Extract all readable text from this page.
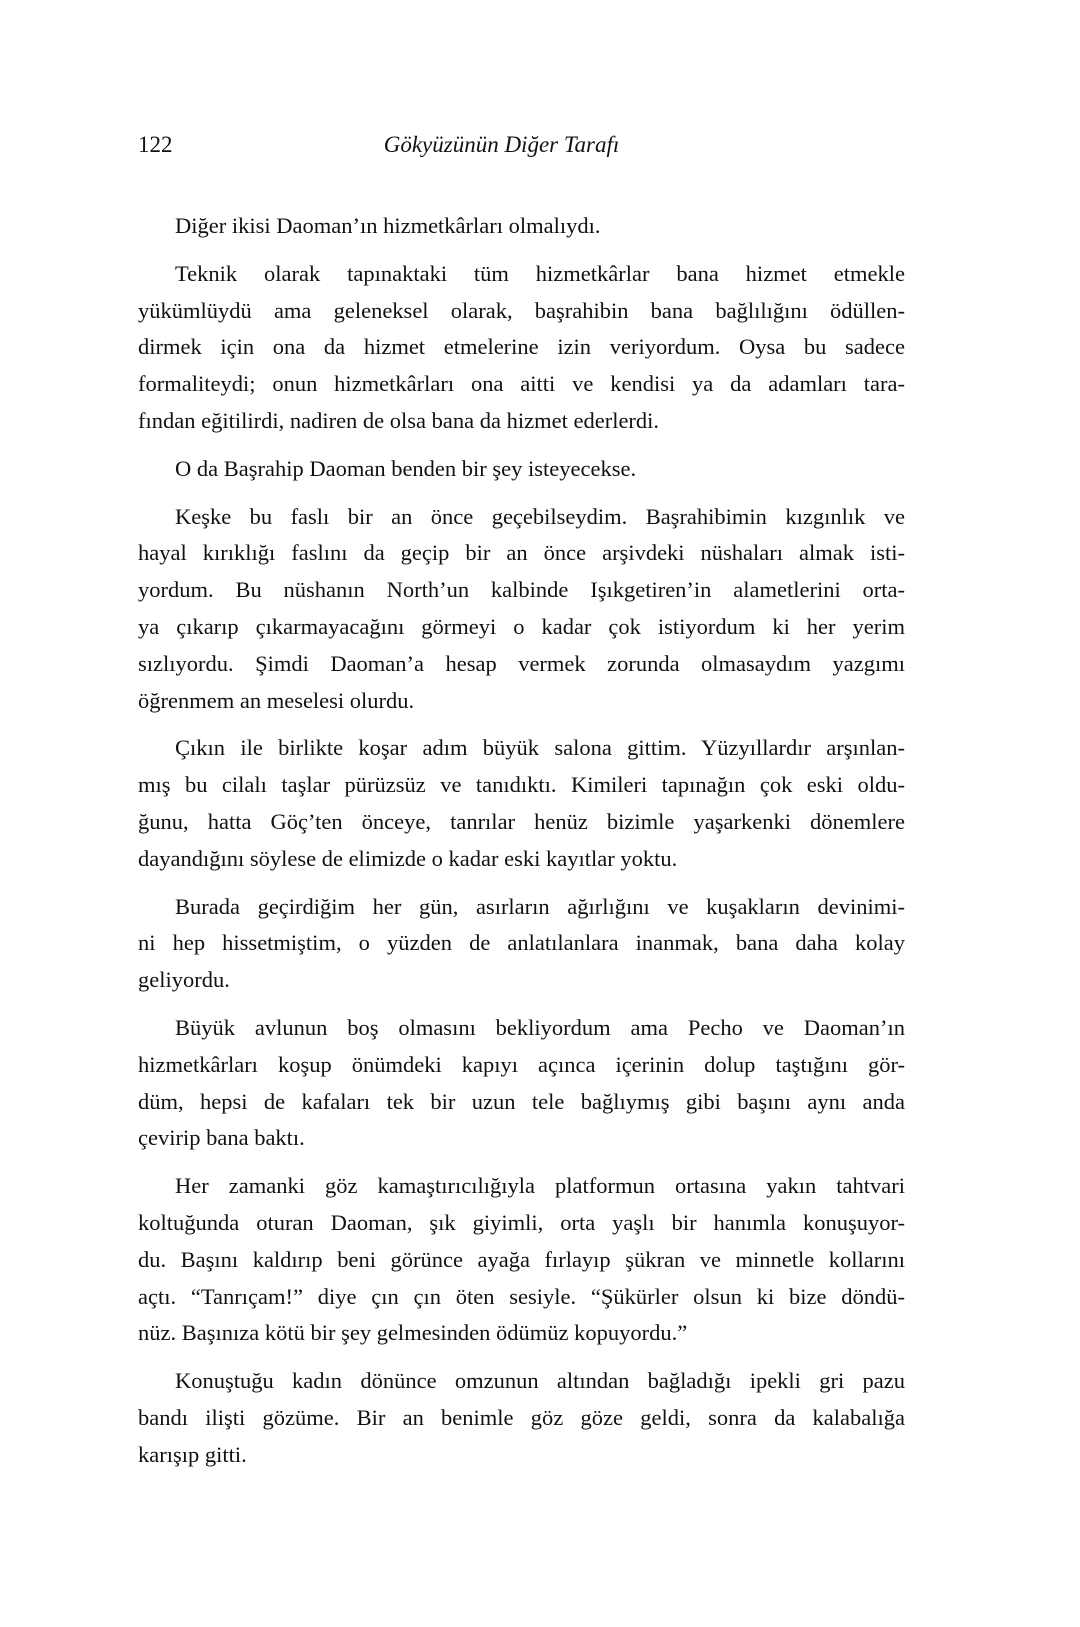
122	Gökyüzünün Diğer Tarafı
Diğer ikisi Daoman’ın hizmetkârları olmalıydı.
Teknik olarak tapınaktaki tüm hizmetkârlar bana hizmet etmekle
yükümlüydü ama geleneksel olarak, başrahibin bana bağlılığını ödüllen-
dirmek için ona da hizmet etmelerine izin veriyordum. Oysa bu sadece
formaliteydi; onun hizmetkârları ona aitti ve kendisi ya da adamları tara-
fından eğitilirdi, nadiren de olsa bana da hizmet ederlerdi.
O da Başrahip Daoman benden bir şey isteyecekse.
Keşke bu faslı bir an önce geçebilseydim. Başrahibimin kızgınlık ve
hayal kırıklığı faslını da geçip bir an önce arşivdeki nüshaları almak isti-
yordum. Bu nüshanın North’un kalbinde Işıkgetiren’in alametlerini orta-
ya çıkarıp çıkarmayacağını görmeyi o kadar çok istiyordum ki her yerim
sızlıyordu. Şimdi Daoman’a hesap vermek zorunda olmasaydım yazgımı
öğrenmem an meselesi olurdu.
Çıkın ile birlikte koşar adım büyük salona gittim. Yüzyıllardır arşınlan-
mış bu cilalı taşlar pürüzsüz ve tanıdıktı. Kimileri tapınağın çok eski oldu-
ğunu, hatta Göç’ten önceye, tanrılar henüz bizimle yaşarkenki dönemlere
dayandığını söylese de elimizde o kadar eski kayıtlar yoktu.
Burada geçirdiğim her gün, asırların ağırlığını ve kuşakların devinimi-
ni hep hissetmiştim, o yüzden de anlatılanlara inanmak, bana daha kolay
geliyordu.
Büyük avlunun boş olmasını bekliyordum ama Pecho ve Daoman’ın
hizmetkârları koşup önümdeki kapıyı açınca içerinin dolup taştığını gör-
düm, hepsi de kafaları tek bir uzun tele bağlıymış gibi başını aynı anda
çevirip bana baktı.
Her zamanki göz kamaştırıcılığıyla platformun ortasına yakın tahtvari
koltuğunda oturan Daoman, şık giyimli, orta yaşlı bir hanımla konuşuyor-
du. Başını kaldırıp beni görünce ayağa fırlayıp şükran ve minnetle kollarını
açtı. “Tanrıçam!” diye çın çın öten sesiyle. “Şükürler olsun ki bize döndü-
nüz. Başınıza kötü bir şey gelmesinden ödümüz kopuyordu.”
Konuştuğu kadın dönünce omzunun altından bağladığı ipekli gri pazu
bandı ilişti gözüme. Bir an benimle göz göze geldi, sonra da kalabalığa
karışıp gitti.
